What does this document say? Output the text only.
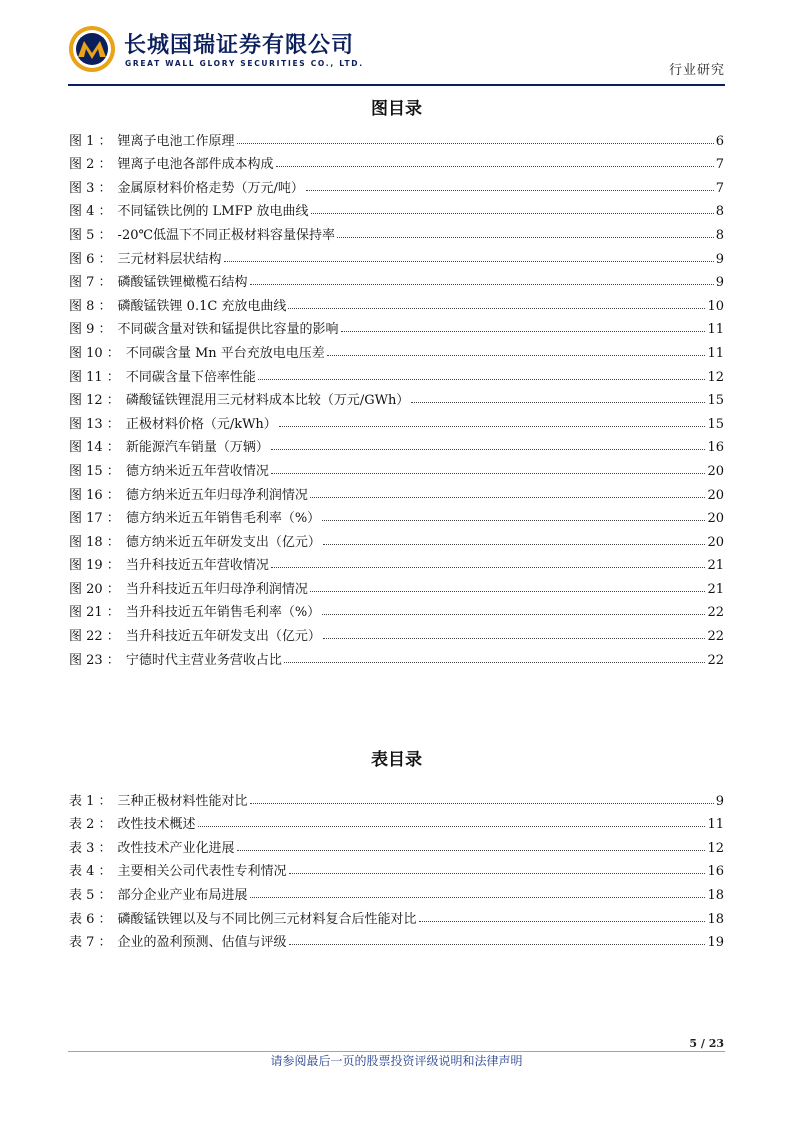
长城国瑞证券有限公司
GREAT WALL GLORY SECURITIES CO., LTD.	行业研究
图目录
图 1 ： 锂离子电池工作原理	6
图 2 ： 锂离子电池各部件成本构成	7
图 3 ： 金属原材料价格走势（万元/吨）	7
图 4 ： 不同锰铁比例的 LMFP 放电曲线	8
图 5 ： -20℃低温下不同正极材料容量保持率	8
图 6 ： 三元材料层状结构	9
图 7 ： 磷酸锰铁锂橄榄石结构	9
图 8 ： 磷酸锰铁锂 0.1C 充放电曲线	10
图 9 ： 不同碳含量对铁和锰提供比容量的影响	11
图 10 ： 不同碳含量 Mn 平台充放电电压差	11
图 11 ： 不同碳含量下倍率性能	12
图 12 ： 磷酸锰铁锂混用三元材料成本比较（万元/GWh）	15
图 13 ： 正极材料价格（元/kWh）	15
图 14 ： 新能源汽车销量（万辆）	16
图 15 ： 德方纳米近五年营收情况	20
图 16 ： 德方纳米近五年归母净利润情况	20
图 17 ： 德方纳米近五年销售毛利率（%）	20
图 18 ： 德方纳米近五年研发支出（亿元）	20
图 19 ： 当升科技近五年营收情况	21
图 20 ： 当升科技近五年归母净利润情况	21
图 21 ： 当升科技近五年销售毛利率（%）	22
图 22 ： 当升科技近五年研发支出（亿元）	22
图 23 ： 宁德时代主营业务营收占比	22
表目录
表 1 ： 三种正极材料性能对比	9
表 2 ： 改性技术概述	11
表 3 ： 改性技术产业化进展	12
表 4 ： 主要相关公司代表性专利情况	16
表 5 ： 部分企业产业布局进展	18
表 6 ： 磷酸锰铁锂以及与不同比例三元材料复合后性能对比	18
表 7 ： 企业的盈利预测、估值与评级	19
5 / 23
请参阅最后一页的股票投资评级说明和法律声明
